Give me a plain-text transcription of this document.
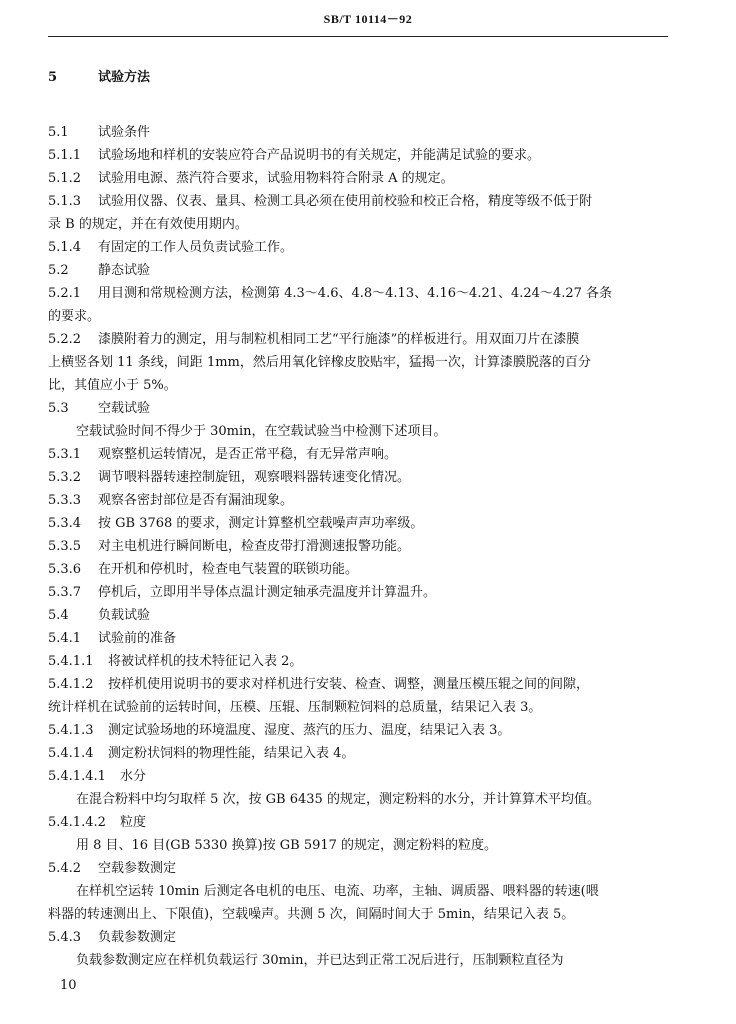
SB/T 10114－92
5	试验方法
5.1 试验条件
5.1.1 试验场地和样机的安装应符合产品说明书的有关规定，并能满足试验的要求。
5.1.2 试验用电源、蒸汽符合要求，试验用物料符合附录 A 的规定。
5.1.3 试验用仪器、仪表、量具、检测工具必须在使用前校验和校正合格，精度等级不低于附
录 B 的规定，并在有效使用期内。
5.1.4 有固定的工作人员负责试验工作。
5.2 静态试验
5.2.1 用目测和常规检测方法，检测第 4.3～4.6、4.8～4.13、4.16～4.21、4.24～4.27 各条
的要求。
5.2.2 漆膜附着力的测定，用与制粒机相同工艺“平行施漆”的样板进行。用双面刀片在漆膜
上横竖各划 11 条线，间距 1mm，然后用氧化锌橡皮胶贴牢，猛揭一次，计算漆膜脱落的百分
比，其值应小于 5%。
5.3 空载试验
空载试验时间不得少于 30min，在空载试验当中检测下述项目。
5.3.1 观察整机运转情况，是否正常平稳，有无异常声响。
5.3.2 调节喂料器转速控制旋钮，观察喂料器转速变化情况。
5.3.3 观察各密封部位是否有漏油现象。
5.3.4 按 GB 3768 的要求，测定计算整机空载噪声声功率级。
5.3.5 对主电机进行瞬间断电，检查皮带打滑测速报警功能。
5.3.6 在开机和停机时，检查电气装置的联锁功能。
5.3.7 停机后，立即用半导体点温计测定轴承壳温度并计算温升。
5.4 负载试验
5.4.1 试验前的准备
5.4.1.1 将被试样机的技术特征记入表 2。
5.4.1.2 按样机使用说明书的要求对样机进行安装、检查、调整，测量压模压辊之间的间隙，
统计样机在试验前的运转时间，压模、压辊、压制颗粒饲料的总质量，结果记入表 3。
5.4.1.3 测定试验场地的环境温度、湿度、蒸汽的压力、温度，结果记入表 3。
5.4.1.4 测定粉状饲料的物理性能，结果记入表 4。
5.4.1.4.1 水分
在混合粉料中均匀取样 5 次，按 GB 6435 的规定，测定粉料的水分，并计算算术平均值。
5.4.1.4.2 粒度
用 8 目、16 目(GB 5330 换算)按 GB 5917 的规定，测定粉料的粒度。
5.4.2 空载参数测定
在样机空运转 10min 后测定各电机的电压、电流、功率，主轴、调质器、喂料器的转速(喂
料器的转速测出上、下限值)，空载噪声。共测 5 次，间隔时间大于 5min，结果记入表 5。
5.4.3 负载参数测定
负载参数测定应在样机负载运行 30min，并已达到正常工况后进行，压制颗粒直径为
10
